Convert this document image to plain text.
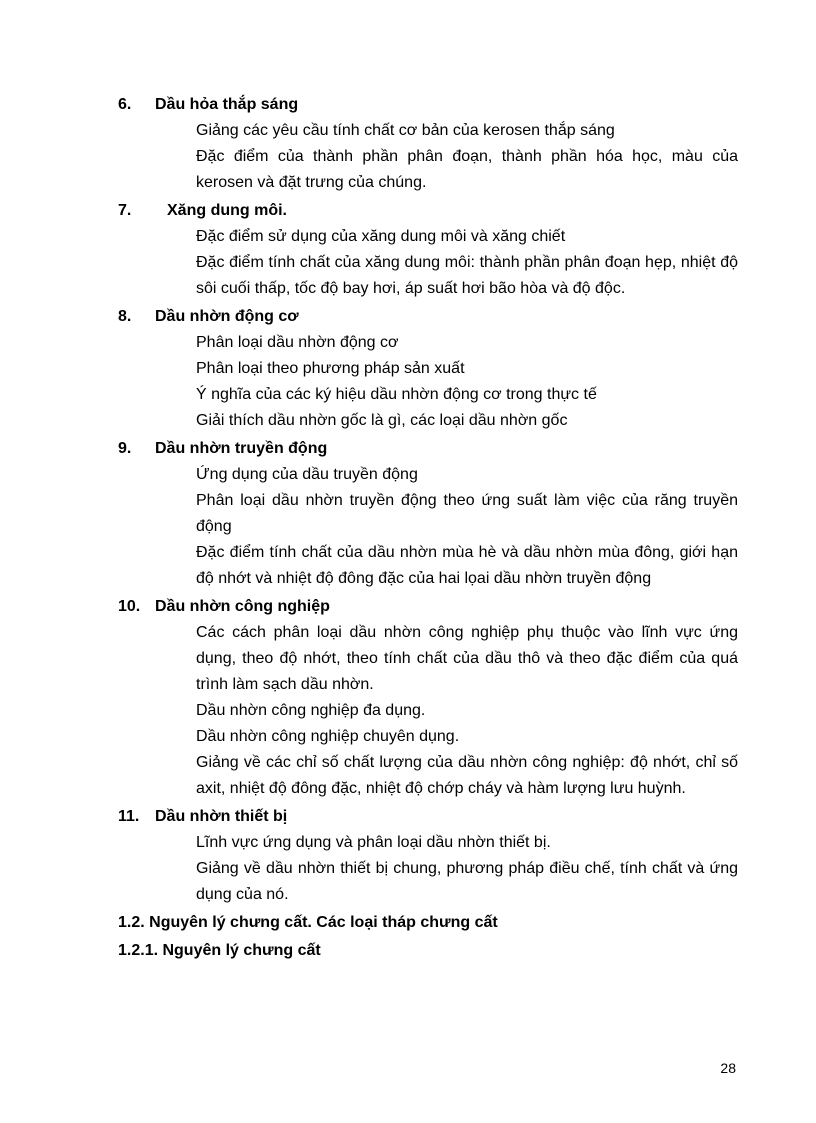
6.	Dầu hỏa thắp sáng
Giảng các yêu cầu tính chất cơ bản của kerosen thắp sáng
Đặc điểm của thành phần phân đoạn, thành phần hóa học, màu của kerosen và đặt trưng của chúng.
7.	Xăng dung môi.
Đặc điểm sử dụng của xăng dung môi và xăng chiết
Đặc điểm tính chất của xăng dung môi: thành phần phân đoạn hẹp, nhiệt độ sôi cuối thấp, tốc độ bay hơi, áp suất hơi bão hòa và độ độc.
8.	Dầu nhờn động cơ
Phân loại dầu nhờn động cơ
Phân loại theo phương pháp sản xuất
Ý nghĩa của các ký hiệu dầu nhờn động cơ trong thực tế
Giải thích dầu nhờn gốc là gì, các loại dầu nhờn gốc
9.	Dầu nhờn truyền động
Ứng dụng của dầu truyền động
Phân loại dầu nhờn truyền động theo ứng suất làm việc của răng truyền động
Đặc điểm tính chất của dầu nhờn mùa hè và dầu nhờn mùa đông, giới hạn độ nhớt và nhiệt độ đông đặc của hai lọai dầu nhờn truyền động
10. Dầu nhờn công nghiệp
Các cách phân loại dầu nhờn công nghiệp phụ thuộc vào lĩnh vực ứng dụng, theo độ nhớt, theo tính chất của dầu thô và theo đặc điểm của quá trình làm sạch dầu nhờn.
Dầu nhờn công nghiệp đa dụng.
Dầu nhờn công nghiệp chuyên dụng.
Giảng về các chỉ số chất lượng của dầu nhờn công nghiệp: độ nhớt, chỉ số axit, nhiệt độ đông đặc, nhiệt độ chớp cháy và hàm lượng lưu huỳnh.
11. Dầu nhờn thiết bị
Lĩnh vực ứng dụng và phân loại dầu nhờn thiết bị.
Giảng về dầu nhờn thiết bị chung, phương pháp điều chế, tính chất và ứng dụng của nó.
1.2. Nguyên lý chưng cất. Các loại tháp chưng cất
1.2.1. Nguyên lý chưng cất
28
